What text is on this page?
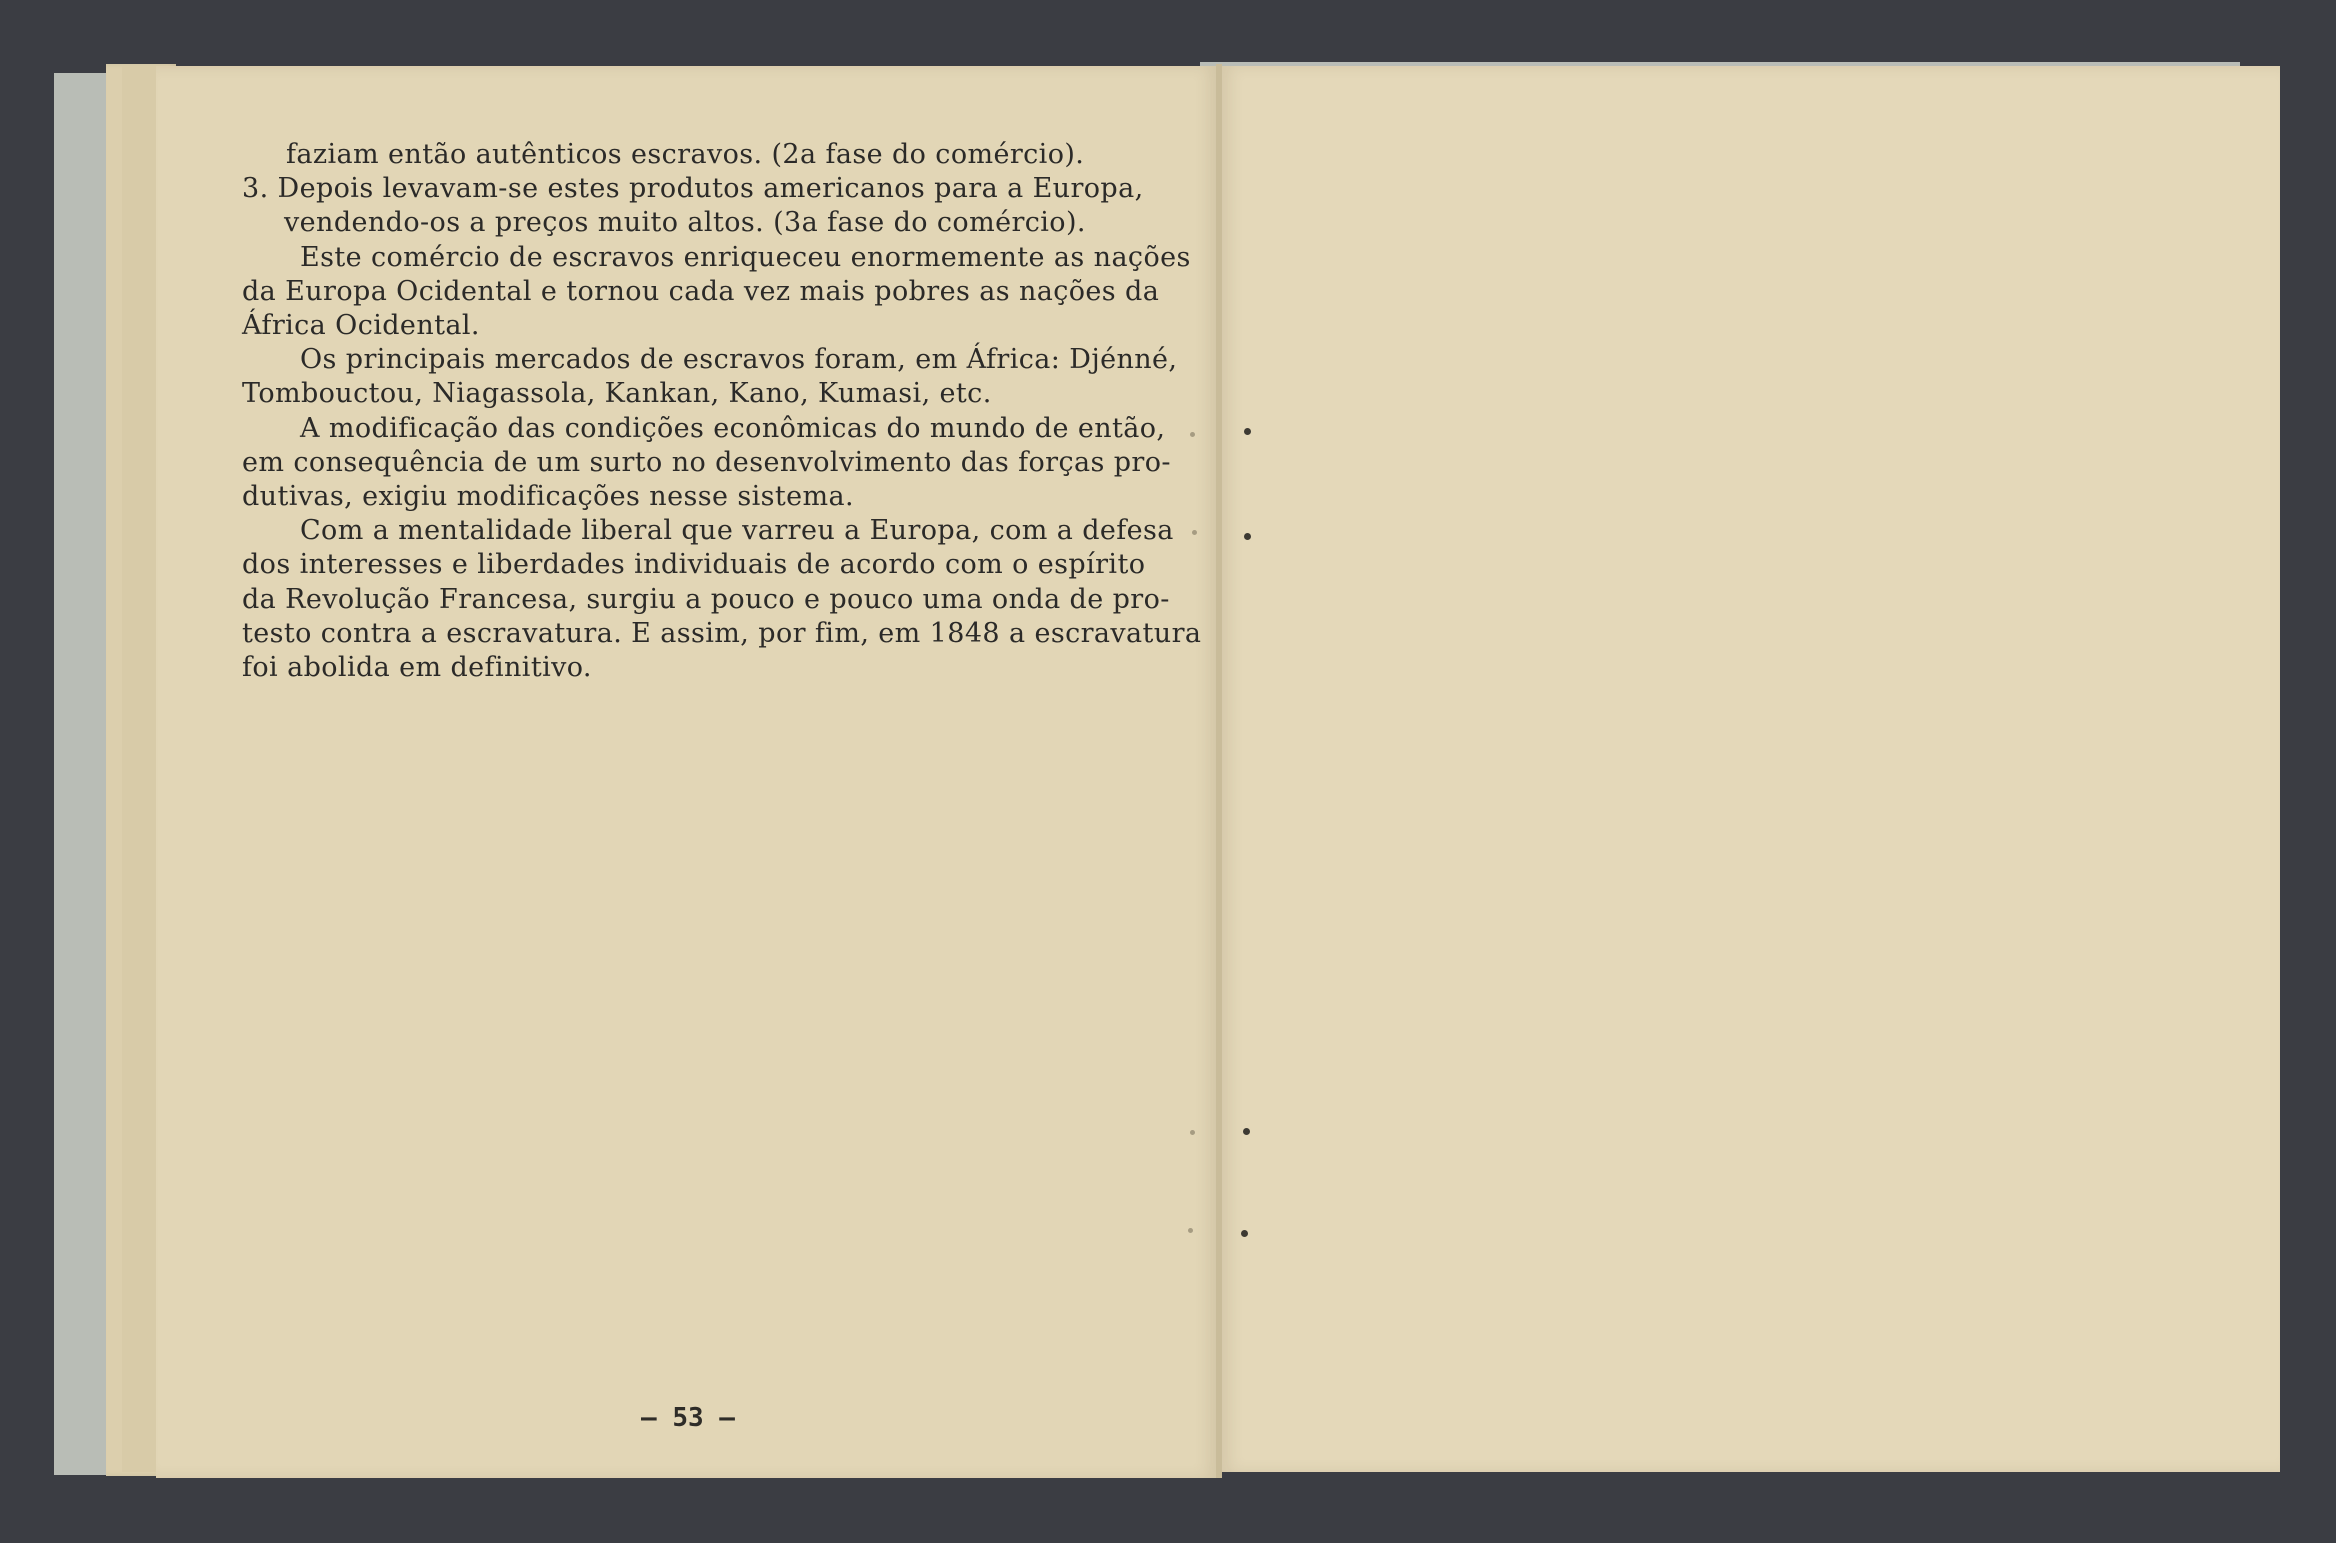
faziam então autênticos escravos. (2a fase do comércio).
3. Depois levavam-se estes produtos americanos para a Europa,
vendendo-os a preços muito altos. (3a fase do comércio).
Este comércio de escravos enriqueceu enormemente as nações
da Europa Ocidental e tornou cada vez mais pobres as nações da
África Ocidental.
Os principais mercados de escravos foram, em África: Djénné,
Tombouctou, Niagassola, Kankan, Kano, Kumasi, etc.
A modificação das condições econômicas do mundo de então,
em consequência de um surto no desenvolvimento das forças pro-
dutivas, exigiu modificações nesse sistema.
Com a mentalidade liberal que varreu a Europa, com a defesa
dos interesses e liberdades individuais de acordo com o espírito
da Revolução Francesa, surgiu a pouco e pouco uma onda de pro-
testo contra a escravatura. E assim, por fim, em 1848 a escravatura
foi abolida em definitivo.
— 53 —
